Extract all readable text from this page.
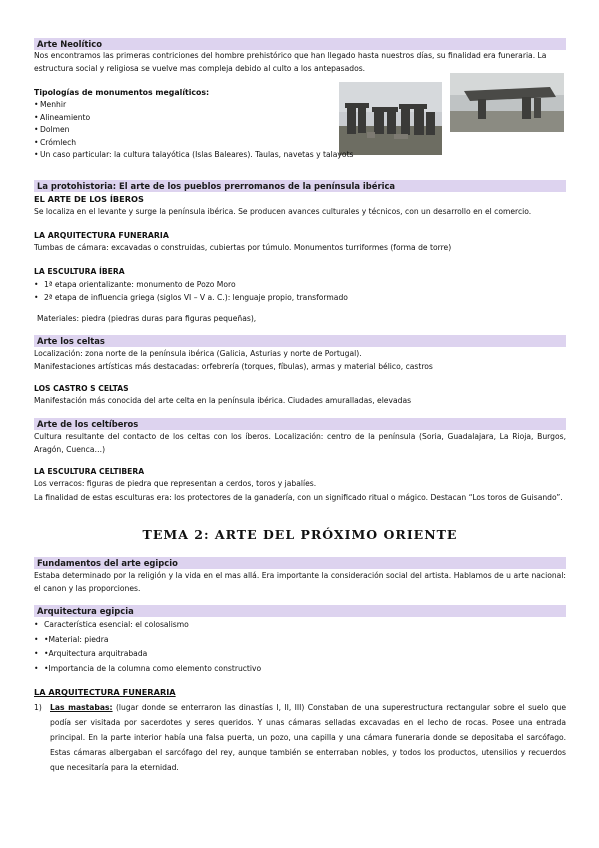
Arte Neolítico

Nos encontramos las primeras contriciones del hombre prehistórico que han llegado hasta nuestros días, su finalidad era funeraria. La estructura social y religiosa se vuelve mas compleja debido al culto a los antepasados.

Tipologías de monumentos megalíticos:

• Menhir
• Alineamiento
• Dolmen
• Crómlech
• Un caso particular: la cultura talayótica (Islas Baleares). Taulas, navetas y talayots
La protohistoria: El arte de los pueblos prerromanos de la península ibérica

EL ARTE DE LOS ÍBEROS

Se localiza en el levante y surge la península ibérica. Se producen avances culturales y técnicos, con un desarrollo en el comercio.

LA ARQUITECTURA FUNERARIA

Tumbas de cámara: excavadas o construidas, cubiertas por túmulo. Monumentos turriformes (forma de torre)

LA ESCULTURA ÍBERA

• 1ª etapa orientalizante: monumento de Pozo Moro
• 2ª etapa de influencia griega (siglos VI – V a. C.): lenguaje propio, transformado

Materiales: piedra (piedras duras para figuras pequeñas),

Arte los celtas

Localización: zona norte de la península ibérica (Galicia, Asturias y norte de Portugal).

Manifestaciones artísticas más destacadas: orfebrería (torques, fíbulas), armas y material bélico, castros

LOS CASTRO S CELTAS

Manifestación más conocida del arte celta en la península ibérica. Ciudades amuralladas, elevadas

Arte de los celtíberos

Cultura resultante del contacto de los celtas con los íberos. Localización: centro de la península (Soria, Guadalajara, La Rioja, Burgos, Aragón, Cuenca…)

LA ESCULTURA CELTIBERA

Los verracos: figuras de piedra que representan a cerdos, toros y jabalíes.

La finalidad de estas esculturas era: los protectores de la ganadería, con un significado ritual o mágico. Destacan “Los toros de Guisando”.

TEMA 2: ARTE DEL PRÓXIMO ORIENTE

Fundamentos del arte egipcio

Estaba determinado por la religión y la vida en el mas allá. Era importante la consideración social del artista. Hablamos de u arte nacional: el canon y las proporciones.

Arquitectura egipcia
• Característica esencial: el colosalismo
• •Material: piedra
• •Arquitectura arquitrabada
• •Importancia de la columna como elemento constructivo

LA ARQUITECTURA FUNERARIA

1) Las mastabas: (lugar donde se enterraron las dinastías I, II, III) Constaban de una superestructura rectangular sobre el suelo que podía ser visitada por sacerdotes y seres queridos. Y unas cámaras selladas excavadas en el lecho de rocas. Posee una entrada principal. En la parte interior había una falsa puerta, un pozo, una capilla y una cámara funeraria donde se depositaba el sarcófago. Estas cámaras albergaban el sarcófago del rey, aunque también se enterraban nobles, y todos los productos, utensilios y recuerdos que necesitaría para la eternidad.
